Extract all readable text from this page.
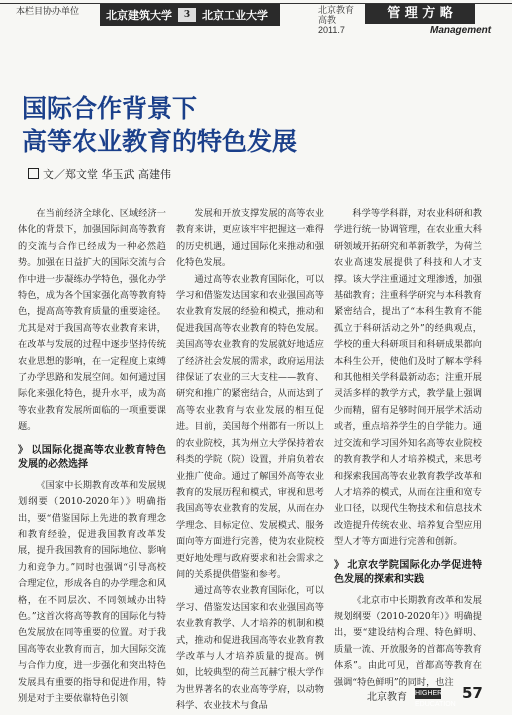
本栏目协办单位 北京建筑大学	3	北京工业大学	北京教育 高教
2011.7
管 理 方 略
Management
国际合作背景下
高等农业教育的特色发展
文／郑文堂 华玉武 高建伟

在当前经济全球化、区域经济一体化的背景下，加强国际间高等教育的交流与合作已经成为一种必然趋势。加强在日益扩大的国际交流与合作中进一步凝练办学特色，强化办学特色，成为各个国家强化高等教育特色，提高高等教育质量的重要途径。尤其是对于我国高等农业教育来讲，在改革与发展的过程中逐步坚持传统农业思想的影响，在一定程度上束缚了办学思路和发展空间。如何通过国际化来强化特色，提升水平，成为高等农业教育发展所面临的一项重要课题。

》 以国际化提高等农业教育特色发展的必然选择

《国家中长期教育改革和发展规划纲要（2010-2020年）》明确指出，要“借鉴国际上先进的教育理念和教育经验，促进我国教育改革发展，提升我国教育的国际地位、影响力和竞争力。”同时也强调“引导高校合理定位，形成各自的办学理念和风格，在不同层次、不同领域办出特色。”这首次将高等教育的国际化与特色发展放在同等重要的位置。对于我国高等农业教育而言，加大国际交流与合作力度，进一步强化和突出特色发展具有重要的指导和促进作用，特别是对于主要依靠特色引领

发展和开放支撑发展的高等农业教育来讲，更应该牢牢把握这一难得的历史机遇，通过国际化来推动和强化特色发展。

通过高等农业教育国际化，可以学习和借鉴发达国家和农业强国高等农业教育发展的经验和模式，推动和促进我国高等农业教育的特色发展。美国高等农业教育的发展就好地适应了经济社会发展的需求，政府运用法律保证了农业的三大支柱——教育、研究和推广的紧密结合，从而达到了高等农业教育与农业发展的相互促进。目前，美国每个州都有一所以上的农业院校，其为州立大学保持着农科类的学院（院）设置，并肩负着农业推广使命。通过了解国外高等农业教育的发展历程和模式，审视和思考我国高等农业教育的发展，从而在办学理念、目标定位、发展模式、服务面向等方面进行完善，使为农业院校更好地处理与政府要求和社会需求之间的关系提供借鉴和参考。

通过高等农业教育国际化，可以学习、借鉴发达国家和农业强国高等农业教育教学、人才培养的机制和模式，推动和促进我国高等农业教育教学改革与人才培养质量的提高。例如，比较典型的荷兰瓦赫宁根大学作为世界著名的农业高等学府，以动物科学、农业技术与食品

科学等学科群，对农业科研和教学进行统一协调管理，在农业重大科研领域开拓研究和革新教学，为荷兰农业高速发展提供了科技和人才支撑。该大学注重通过文理渗透，加强基础教育；注重科学研究与本科教育紧密结合，提出了“本科生教育不能孤立于科研活动之外”的经典观点，学校的重大科研项目和科研成果都向本科生公开，使他们及时了解本学科和其他相关学科最新动态；注重开展灵活多样的教学方式，教学量上强调少而精，留有足够时间开展学术活动或者，重点培养学生的自学能力。通过交流和学习国外知名高等农业院校的教育教学和人才培养模式，来思考和探索我国高等农业教育教学改革和人才培养的模式，从而在注重和宽专业口径，以现代生物技术和信息技术改造提升传统农业、培养复合型应用型人才等方面进行完善和创新。

》 北京农学院国际化办学促进特色发展的探索和实践

《北京市中长期教育改革和发展规划纲要（2010-2020年）》明确提出，要“建设结构合理、特色鲜明、质量一流、开放服务的首都高等教育体系”。由此可见，首都高等教育在强调“特色鲜明”的同时，也注

北京教育 HIGHER EDUCATION
57
